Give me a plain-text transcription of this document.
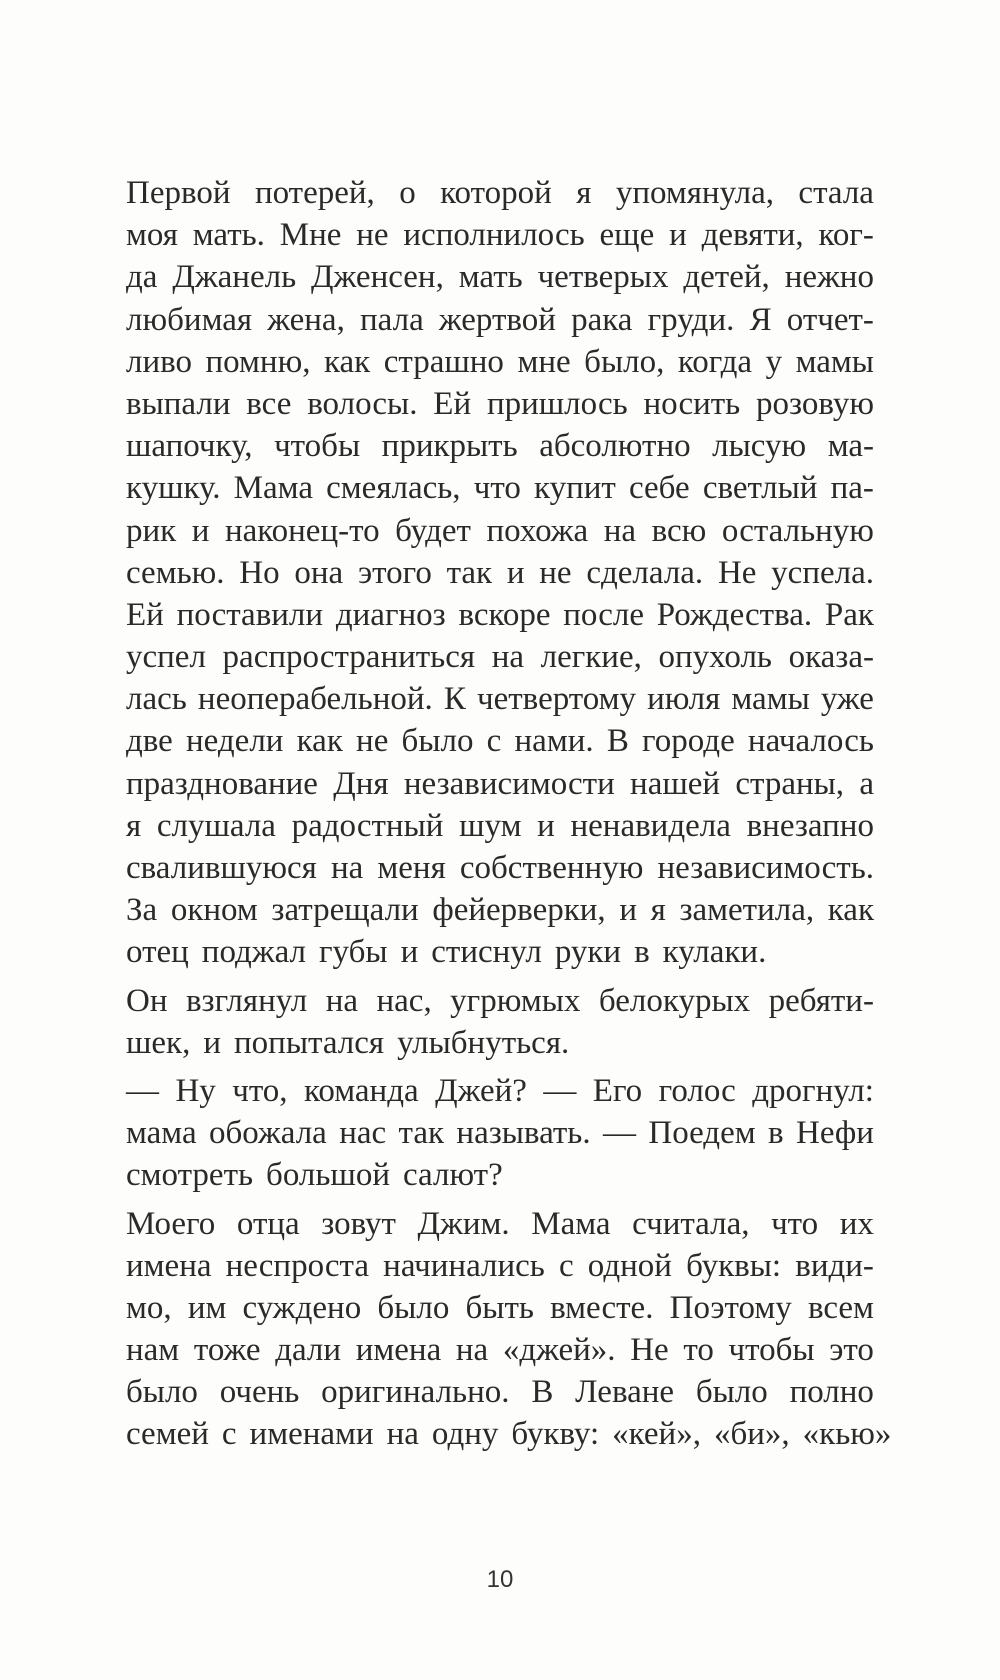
Первой потерей, о которой я упомянула, стала
моя мать. Мне не исполнилось еще и девяти, ког-
да Джанель Дженсен, мать четверых детей, нежно
любимая жена, пала жертвой рака груди. Я отчет-
ливо помню, как страшно мне было, когда у мамы
выпали все волосы. Ей пришлось носить розовую
шапочку, чтобы прикрыть абсолютно лысую ма-
кушку. Мама смеялась, что купит себе светлый па-
рик и наконец-то будет похожа на всю остальную
семью. Но она этого так и не сделала. Не успела.
Ей поставили диагноз вскоре после Рождества. Рак
успел распространиться на легкие, опухоль оказа-
лась неоперабельной. К четвертому июля мамы уже
две недели как не было с нами. В городе началось
празднование Дня независимости нашей страны, а
я слушала радостный шум и ненавидела внезапно
свалившуюся на меня собственную независимость.
За окном затрещали фейерверки, и я заметила, как
отец поджал губы и стиснул руки в кулаки.
Он взглянул на нас, угрюмых белокурых ребяти-
шек, и попытался улыбнуться.
— Ну что, команда Джей? — Его голос дрогнул:
мама обожала нас так называть. — Поедем в Нефи
смотреть большой салют?
Моего отца зовут Джим. Мама считала, что их
имена неспроста начинались с одной буквы: види-
мо, им суждено было быть вместе. Поэтому всем
нам тоже дали имена на «джей». Не то чтобы это
было очень оригинально. В Леване было полно
семей с именами на одну букву: «кей», «би», «кью»
10
